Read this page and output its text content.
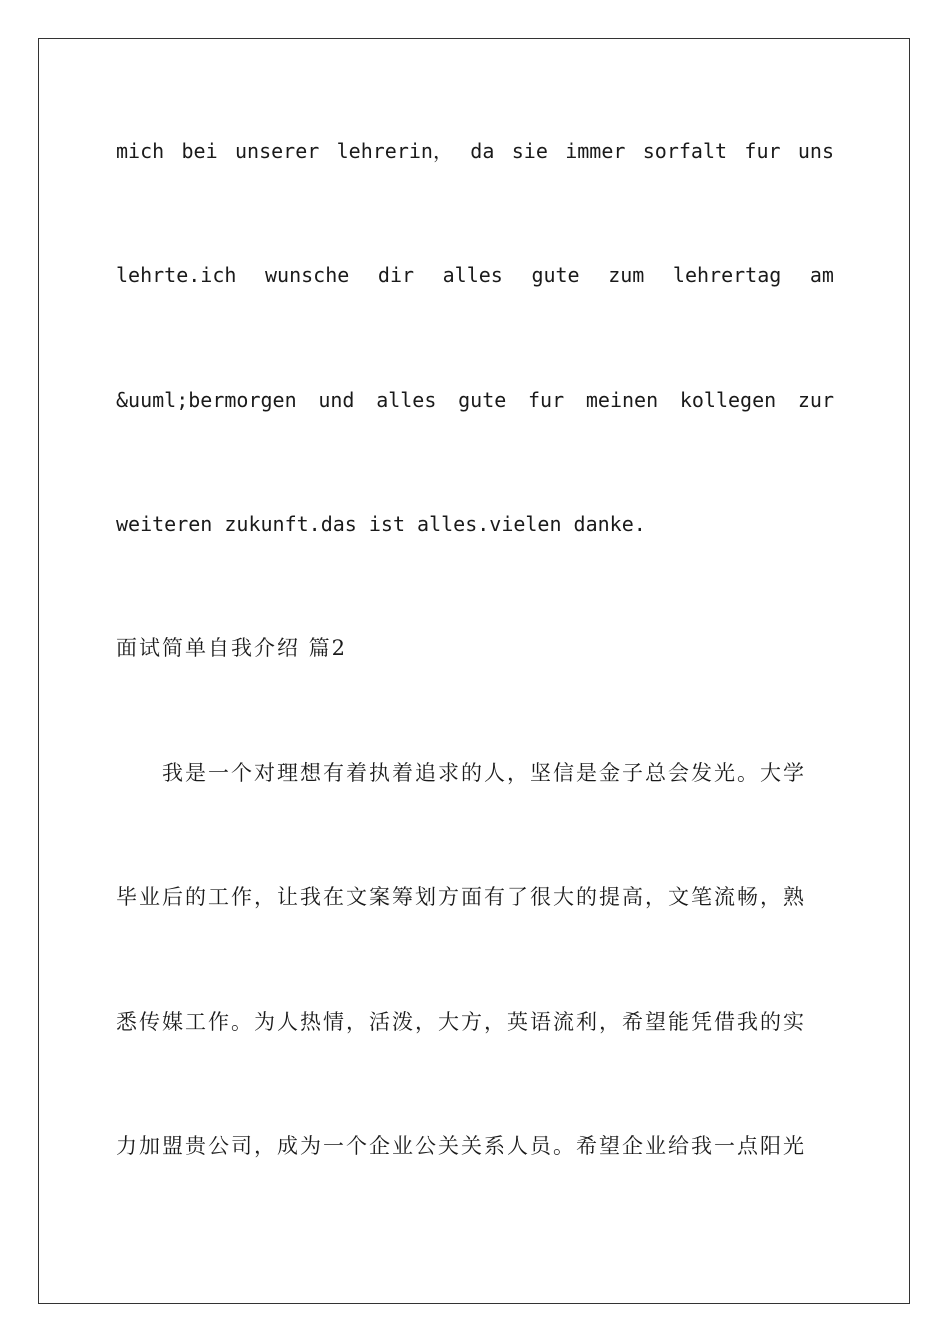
mich bei unserer lehrerin， da sie immer sorfalt fur uns
lehrte.ich wunsche dir alles gute zum lehrertag am
&uuml;bermorgen und alles gute fur meinen kollegen zur
weiteren zukunft.das ist alles.vielen danke.
面试简单自我介绍 篇2
　　我是一个对理想有着执着追求的人，坚信是金子总会发光。大学
毕业后的工作，让我在文案筹划方面有了很大的提高，文笔流畅，熟
悉传媒工作。为人热情，活泼，大方，英语流利，希望能凭借我的实
力加盟贵公司，成为一个企业公关关系人员。希望企业给我一点阳光
